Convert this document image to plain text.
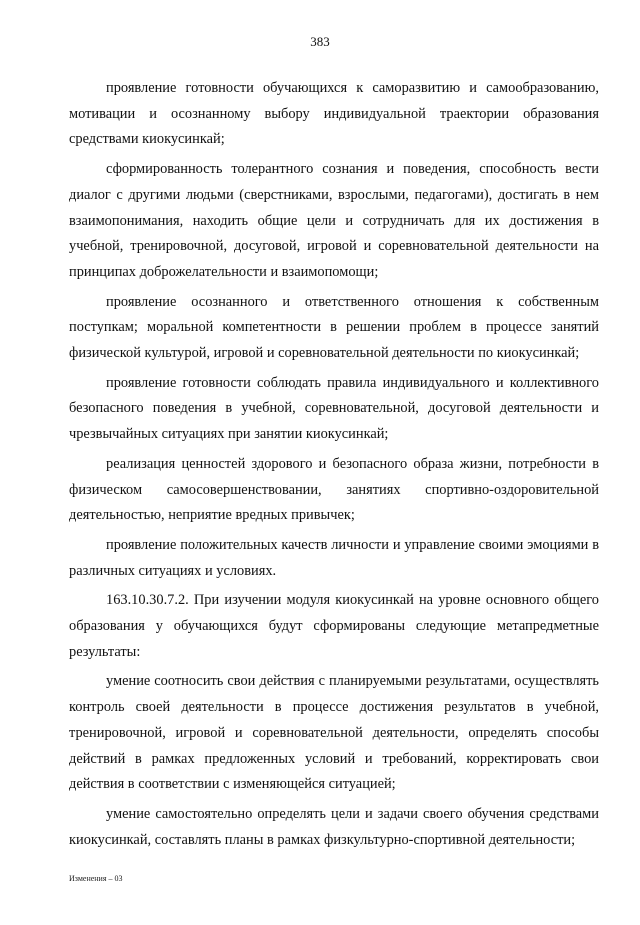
383

проявление готовности обучающихся к саморазвитию и самообразованию, мотивации и осознанному выбору индивидуальной траектории образования средствами киокусинкай;

сформированность толерантного сознания и поведения, способность вести диалог с другими людьми (сверстниками, взрослыми, педагогами), достигать в нем взаимопонимания, находить общие цели и сотрудничать для их достижения в учебной, тренировочной, досуговой, игровой и соревновательной деятельности на принципах доброжелательности и взаимопомощи;

проявление осознанного и ответственного отношения к собственным поступкам; моральной компетентности в решении проблем в процессе занятий физической культурой, игровой и соревновательной деятельности по киокусинкай;

проявление готовности соблюдать правила индивидуального и коллективного безопасного поведения в учебной, соревновательной, досуговой деятельности и чрезвычайных ситуациях при занятии киокусинкай;

реализация ценностей здорового и безопасного образа жизни, потребности в физическом самосовершенствовании, занятиях спортивно-оздоровительной деятельностью, неприятие вредных привычек;

проявление положительных качеств личности и управление своими эмоциями в различных ситуациях и условиях.

163.10.30.7.2. При изучении модуля киокусинкай на уровне основного общего образования у обучающихся будут сформированы следующие метапредметные результаты:

умение соотносить свои действия с планируемыми результатами, осуществлять контроль своей деятельности в процессе достижения результатов в учебной, тренировочной, игровой и соревновательной деятельности, определять способы действий в рамках предложенных условий и требований, корректировать свои действия в соответствии с изменяющейся ситуацией;

умение самостоятельно определять цели и задачи своего обучения средствами киокусинкай, составлять планы в рамках физкультурно-спортивной деятельности;

Изменения – 03
